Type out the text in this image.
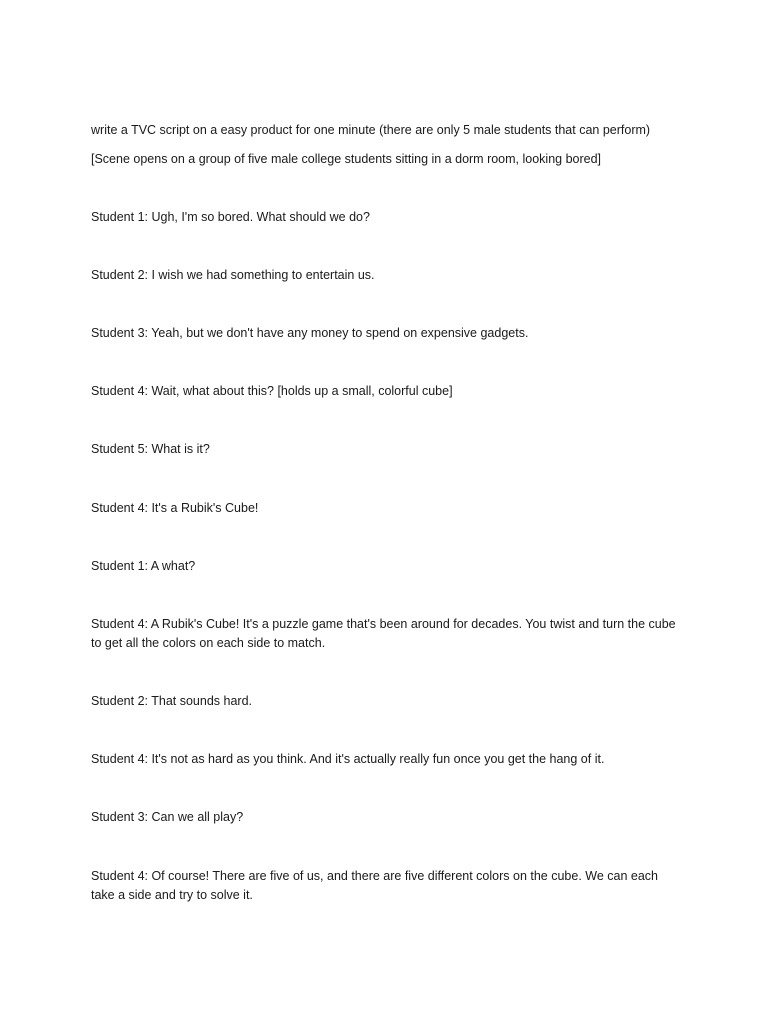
write a TVC script on a easy product for one minute (there are only 5 male students that can perform)
[Scene opens on a group of five male college students sitting in a dorm room, looking bored]
Student 1: Ugh, I'm so bored. What should we do?
Student 2: I wish we had something to entertain us.
Student 3: Yeah, but we don't have any money to spend on expensive gadgets.
Student 4: Wait, what about this? [holds up a small, colorful cube]
Student 5: What is it?
Student 4: It's a Rubik's Cube!
Student 1: A what?
Student 4: A Rubik's Cube! It's a puzzle game that's been around for decades. You twist and turn the cube to get all the colors on each side to match.
Student 2: That sounds hard.
Student 4: It's not as hard as you think. And it's actually really fun once you get the hang of it.
Student 3: Can we all play?
Student 4: Of course! There are five of us, and there are five different colors on the cube. We can each take a side and try to solve it.
